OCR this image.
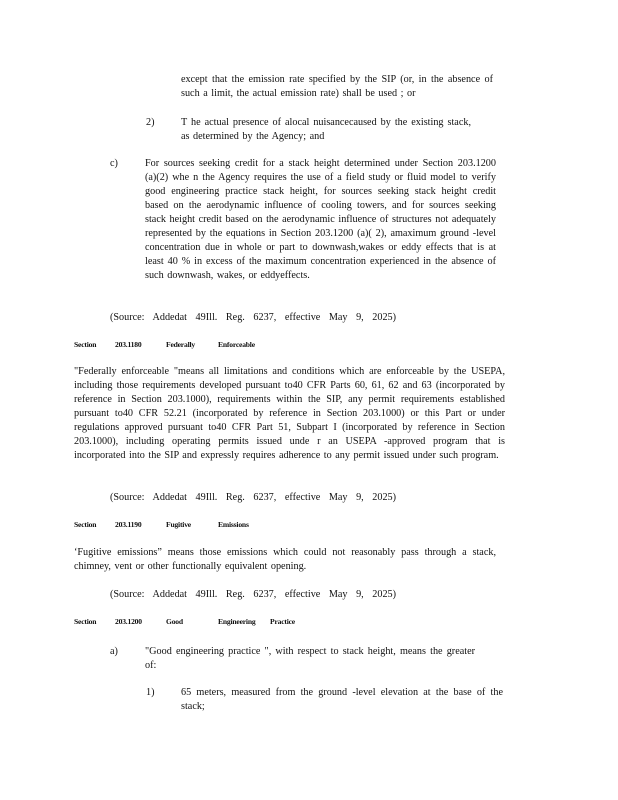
except that the emission rate specified by the SIP (or, in the absence of such a limit, the actual emission rate) shall be used ; or
2)	T he actual presence of alocal nuisancecaused by the existing stack, as determined by the Agency; and
c)	For sources seeking credit for a stack height determined under Section 203.1200 (a)(2) whe n the Agency requires the use of a field study or fluid model to verify good engineering practice stack height, for sources seeking stack height credit based on the aerodynamic influence of cooling towers, and for sources seeking stack height credit based on the aerodynamic influence of structures not adequately represented by the equations in Section 203.1200 (a)( 2), amaximum ground -level concentration due in whole or part to downwash,wakes or eddy effects that is at least 40 % in excess of the maximum concentration experienced in the absence of such downwash, wakes, or eddyeffects.
(Source: Addedat 49Ill. Reg. 6237, effective May 9, 2025)
Section	203.1180	Federally	Enforceable
"Federally enforceable "means all limitations and conditions which are enforceable by the USEPA, including those requirements developed pursuant to40 CFR Parts 60, 61, 62 and 63 (incorporated by reference in Section 203.1000), requirements within the SIP, any permit requirements established pursuant to40 CFR 52.21 (incorporated by reference in Section 203.1000) or this Part or under regulations approved pursuant to40 CFR Part 51, Subpart I (incorporated by reference in Section 203.1000), including operating permits issued unde r an USEPA -approved program that is incorporated into the SIP and expressly requires adherence to any permit issued under such program.
(Source: Addedat 49Ill. Reg. 6237, effective May 9, 2025)
Section	203.1190	Fugitive	Emissions
‘Fugitive emissions” means those emissions which could not reasonably pass through a stack, chimney, vent or other functionally equivalent opening.
(Source: Addedat 49Ill. Reg. 6237, effective May 9, 2025)
Section	203.1200	Good	Engineering	Practice
a)	"Good engineering practice ", with respect to stack height, means the greater of:
1)	65 meters, measured from the ground -level elevation at the base of the stack;
